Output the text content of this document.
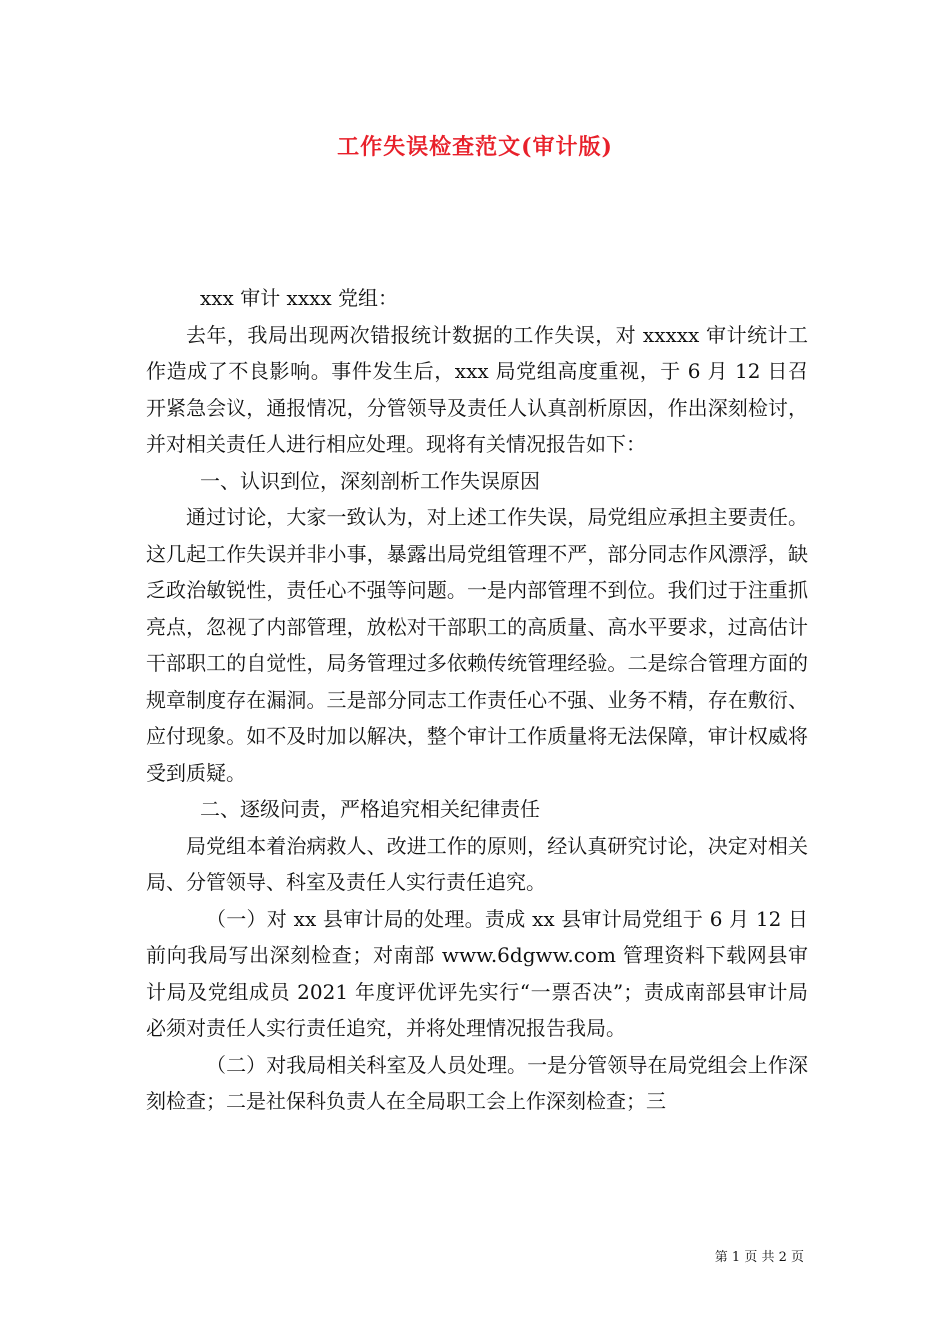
工作失误检查范文(审计版)

xxx 审计 xxxx 党组：

去年，我局出现两次错报统计数据的工作失误，对 xxxxx 审计统计工作造成了不良影响。事件发生后，xxx 局党组高度重视，于 6 月 12 日召开紧急会议，通报情况，分管领导及责任人认真剖析原因，作出深刻检讨，并对相关责任人进行相应处理。现将有关情况报告如下：

一、认识到位，深刻剖析工作失误原因

通过讨论，大家一致认为，对上述工作失误，局党组应承担主要责任。这几起工作失误并非小事，暴露出局党组管理不严，部分同志作风漂浮，缺乏政治敏锐性，责任心不强等问题。一是内部管理不到位。我们过于注重抓亮点，忽视了内部管理，放松对干部职工的高质量、高水平要求，过高估计干部职工的自觉性，局务管理过多依赖传统管理经验。二是综合管理方面的规章制度存在漏洞。三是部分同志工作责任心不强、业务不精，存在敷衍、应付现象。如不及时加以解决，整个审计工作质量将无法保障，审计权威将受到质疑。

二、逐级问责，严格追究相关纪律责任

局党组本着治病救人、改进工作的原则，经认真研究讨论，决定对相关局、分管领导、科室及责任人实行责任追究。

（一）对 xx 县审计局的处理。责成 xx 县审计局党组于 6 月 12 日前向我局写出深刻检查；对南部 www.6dgww.com 管理资料下载网县审计局及党组成员 2021 年度评优评先实行“一票否决”；责成南部县审计局必须对责任人实行责任追究，并将处理情况报告我局。

（二）对我局相关科室及人员处理。一是分管领导在局党组会上作深刻检查；二是社保科负责人在全局职工会上作深刻检查；三

第 1 页 共 2 页
